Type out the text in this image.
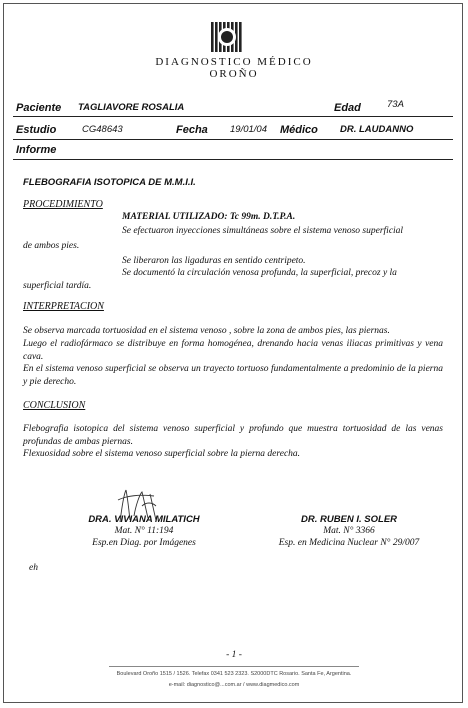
DIAGNOSTICO MÉDICO
OROÑO
Paciente TAGLIAVORE ROSALIA	Edad	73A
Estudio	CG48643	Fecha 19/01/04 Médico DR. LAUDANNO
Informe
FLEBOGRAFIA ISOTOPICA DE M.M.I.I.
PROCEDIMIENTO
MATERIAL UTILIZADO: Tc 99m. D.T.P.A.
Se efectuaron inyecciones simultáneas sobre el sistema venoso superficial
de ambos pies.
Se liberaron las ligaduras en sentido centripeto.
Se documentó la circulación venosa profunda, la superficial, precoz y la
superficial tardía.
INTERPRETACION
Se observa marcada tortuosidad en el sistema venoso , sobre la zona de ambos pies, las piernas.
Luego el radiofármaco se distribuye en forma homogénea, drenando hacia venas iliacas primitivas y vena cava.
En el sistema venoso superficial se observa un trayecto tortuoso fundamentalmente a predominio de la pierna y pie derecho.
CONCLUSION
Flebografia isotopica del sistema venoso superficial y profundo que muestra tortuosidad de las venas profundas de ambas piernas.
Flexuosidad sobre el sistema venoso superficial sobre la pierna derecha.
DRA. VIVIANA MILATICH
Mat. N° 11:194
Esp.en Diag. por Imágenes
DR. RUBEN I. SOLER
Mat. N° 3366
Esp. en Medicina Nuclear N° 29/007
eh
- 1 -
Boulevard Oroño 1515 / 1526. Telefax 0341 523 2323. S2000DTC Rosario. Santa Fe, Argentina.
e-mail: diagnostico@...com.ar / www.diagmedico.com
